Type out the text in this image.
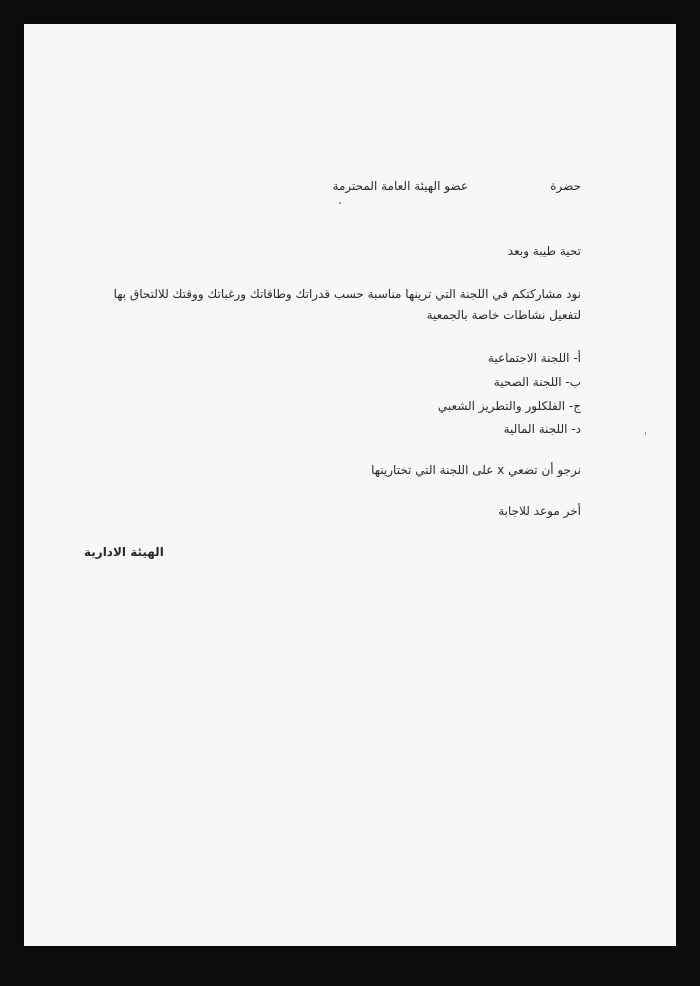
حضرة
عضو الهيئة العامة المحترمة
تحية طيبة وبعد
نود مشاركتكم في اللجنة التي ترينها مناسبة حسب قدراتك وطاقاتك ورغباتك ووقتك للالتحاق بها
لتفعيل نشاطات خاصة بالجمعية
أ- اللجنة الاجتماعية
ب- اللجنة الصحية
ج- الفلكلور والتطريز الشعبي
د- اللجنة المالية
نرجو أن تضعي x على اللجنة التي تختارينها
أخر موعد للاجابة
الهيئة الادارية
